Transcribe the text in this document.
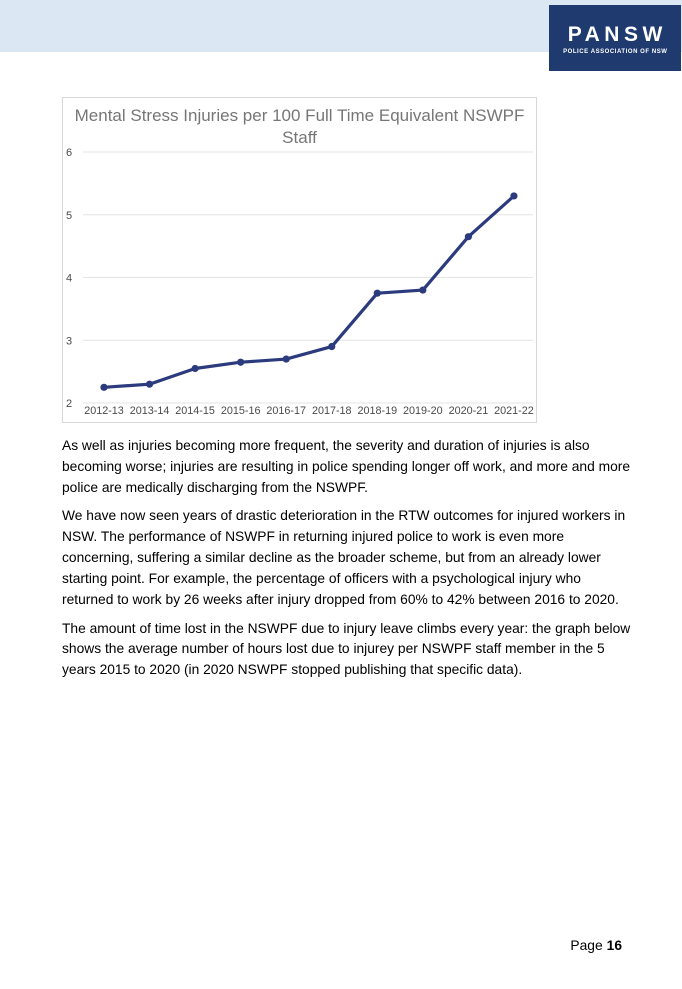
PANSW
POLICE ASSOCIATION OF NSW
2
3
4
5
6
2012-13 2013-14 2014-15 2015-16 2016-17 2017-18 2018-19 2019-20 2020-21 2021-22
Mental Stress Injuries per 100 Full Time Equivalent NSWPF Staff

As well as injuries becoming more frequent, the severity and duration of injuries is also becoming worse; injuries are resulting in police spending longer off work, and more and more police are medically discharging from the NSWPF.

We have now seen years of drastic deterioration in the RTW outcomes for injured workers in NSW. The performance of NSWPF in returning injured police to work is even more concerning, suffering a similar decline as the broader scheme, but from an already lower starting point. For example, the percentage of officers with a psychological injury who returned to work by 26 weeks after injury dropped from 60% to 42% between 2016 to 2020.

The amount of time lost in the NSWPF due to injury leave climbs every year: the graph below shows the average number of hours lost due to injurey per NSWPF staff member in the 5 years 2015 to 2020 (in 2020 NSWPF stopped publishing that specific data).

Page 16
